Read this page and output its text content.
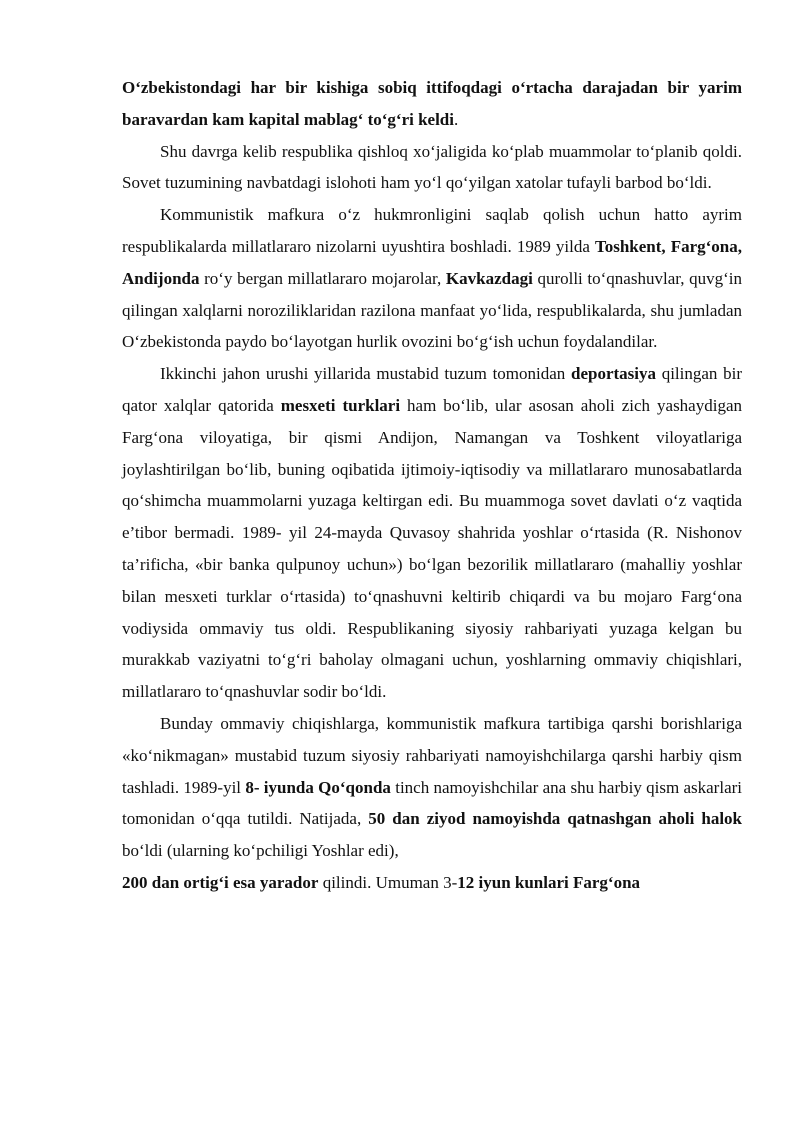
O‘zbekistondagi har bir kishiga sobiq ittifoqdagi o‘rtacha darajadan bir yarim baravardan kam kapital mablag‘ to‘g‘ri keldi.

Shu davrga kelib respublika qishloq xo‘jaligida ko‘plab muammolar to‘planib qoldi. Sovet tuzumining navbatdagi islohoti ham yo‘l qo‘yilgan xatolar tufayli barbod bo‘ldi.

Kommunistik mafkura o‘z hukmronligini saqlab qolish uchun hatto ayrim respublikalarda millatlararo nizolarni uyushtira boshladi. 1989 yilda Toshkent, Farg‘ona, Andijonda ro‘y bergan millatlararo mojarolar, Kavkazdagi qurolli to‘qnashuvlar, quvg‘in qilingan xalqlarni noroziliklaridan razilona manfaat yo‘lida, respublikalarda, shu jumladan O‘zbekistonda paydo bo‘layotgan hurlik ovozini bo‘g‘ish uchun foydalandilar.

Ikkinchi jahon urushi yillarida mustabid tuzum tomonidan deportasiya qilingan bir qator xalqlar qatorida mesxeti turklari ham bo‘lib, ular asosan aholi zich yashaydigan Farg‘ona viloyatiga, bir qismi Andijon, Namangan va Toshkent viloyatlariga joylashtirilgan bo‘lib, buning oqibatida ijtimoiy-iqtisodiy va millatlararo munosabatlarda qo‘shimcha muammolarni yuzaga keltirgan edi. Bu muammoga sovet davlati o‘z vaqtida e’tibor bermadi. 1989- yil 24-mayda Quvasoy shahrida yoshlar o‘rtasida (R. Nishonov ta’rificha, «bir banka qulpunoy uchun») bo‘lgan bezorilik millatlararo (mahalliy yoshlar bilan mesxeti turklar o‘rtasida) to‘qnashuvni keltirib chiqardi va bu mojaro Farg‘ona vodiysida ommaviy tus oldi. Respublikaning siyosiy rahbariyati yuzaga kelgan bu murakkab vaziyatni to‘g‘ri baholay olmagani uchun, yoshlarning ommaviy chiqishlari, millatlararo to‘qnashuvlar sodir bo‘ldi.

Bunday ommaviy chiqishlarga, kommunistik mafkura tartibiga qarshi borishlariga «ko‘nikmagan» mustabid tuzum siyosiy rahbariyati namoyishchilarga qarshi harbiy qism tashladi. 1989-yil 8- iyunda Qo‘qonda tinch namoyishchilar ana shu harbiy qism askarlari tomonidan o‘qqa tutildi. Natijada, 50 dan ziyod namoyishda qatnashgan aholi halok bo‘ldi (ularning ko‘pchiligi Yoshlar edi),

200 dan ortig‘i esa yarador qilindi. Umuman 3-12 iyun kunlari Farg‘ona
